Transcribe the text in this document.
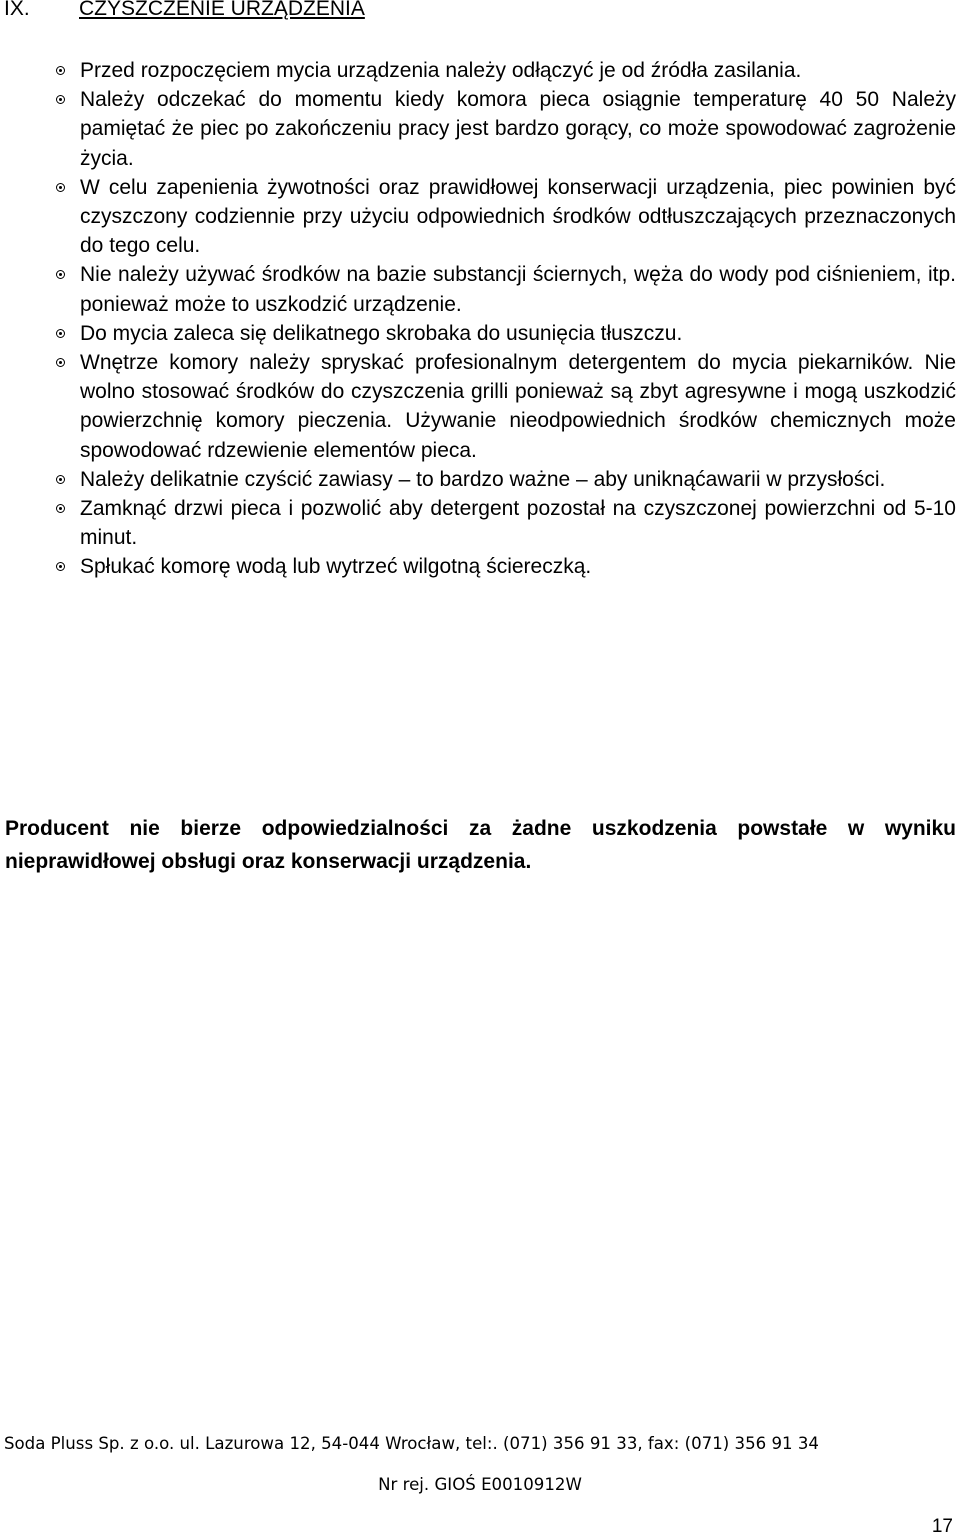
IX. CZYSZCZENIE URZĄDZENIA
Przed rozpoczęciem mycia urządzenia należy odłączyć je od źródła zasilania.
Należy odczekać do momentu kiedy komora pieca osiągnie temperaturę 40 50 Należy pamiętać że piec po zakończeniu pracy jest bardzo gorący, co może spowodować zagrożenie życia.
W celu zapenienia żywotności oraz prawidłowej konserwacji urządzenia, piec powinien być czyszczony codziennie przy użyciu odpowiednich środków odtłuszczających przeznaczonych do tego celu.
Nie należy używać środków na bazie substancji ściernych, węża do wody pod ciśnieniem, itp. ponieważ może to uszkodzić urządzenie.
Do mycia zaleca się delikatnego skrobaka do usunięcia tłuszczu.
Wnętrze komory należy spryskać profesionalnym detergentem do mycia piekarników. Nie wolno stosować środków do czyszczenia grilli ponieważ są zbyt agresywne i mogą uszkodzić powierzchnię komory pieczenia. Używanie nieodpowiednich środków chemicznych może spowodować rdzewienie elementów pieca.
Należy delikatnie czyścić zawiasy – to bardzo ważne – aby uniknąćawarii w przysłości.
Zamknąć drzwi pieca i pozwolić aby detergent pozostał na czyszczonej powierzchni od 5-10 minut.
Spłukać komorę wodą lub wytrzeć wilgotną ściereczką.

Producent nie bierze odpowiedzialności za żadne uszkodzenia powstałe w wyniku nieprawidłowej obsługi oraz konserwacji urządzenia.

Soda Pluss Sp. z o.o. ul. Lazurowa 12, 54-044 Wrocław, tel:. (071) 356 91 33, fax: (071) 356 91 34

Nr rej. GIOŚ E0010912W

17
